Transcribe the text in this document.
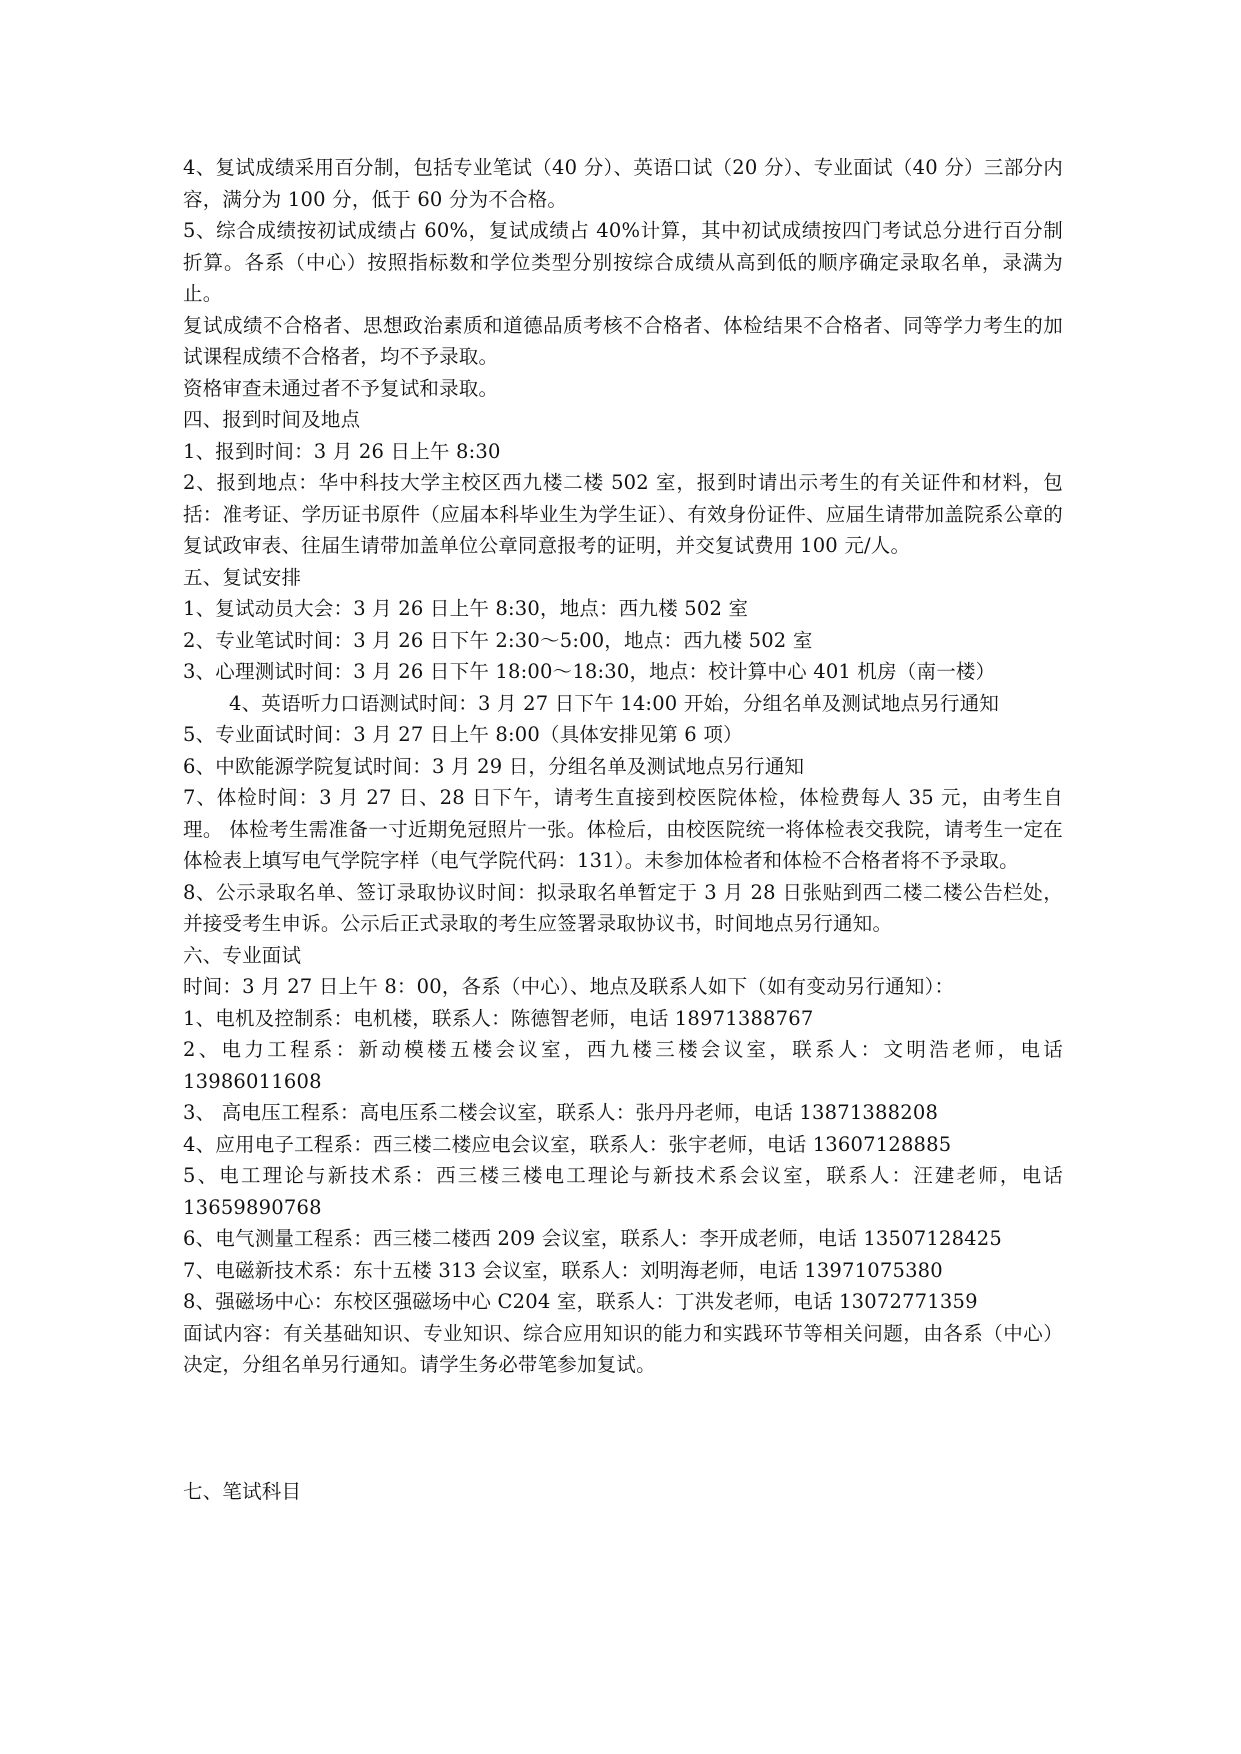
4、复试成绩采用百分制，包括专业笔试（40 分）、英语口试（20 分）、专业面试（40 分）三部分内容，满分为 100 分，低于 60 分为不合格。

5、综合成绩按初试成绩占 60%，复试成绩占 40%计算，其中初试成绩按四门考试总分进行百分制折算。各系（中心）按照指标数和学位类型分别按综合成绩从高到低的顺序确定录取名单，录满为止。

复试成绩不合格者、思想政治素质和道德品质考核不合格者、体检结果不合格者、同等学力考生的加试课程成绩不合格者，均不予录取。

资格审查未通过者不予复试和录取。

四、报到时间及地点

1、报到时间：3 月 26 日上午 8:30

2、报到地点：华中科技大学主校区西九楼二楼 502 室，报到时请出示考生的有关证件和材料，包括：准考证、学历证书原件（应届本科毕业生为学生证）、有效身份证件、应届生请带加盖院系公章的复试政审表、往届生请带加盖单位公章同意报考的证明，并交复试费用 100 元/人。

五、复试安排

1、复试动员大会：3 月 26 日上午 8:30，地点：西九楼 502 室

2、专业笔试时间：3 月 26 日下午 2:30～5:00，地点：西九楼 502 室

3、心理测试时间：3 月 26 日下午 18:00～18:30，地点：校计算中心 401 机房（南一楼）

4、英语听力口语测试时间：3 月 27 日下午 14:00 开始，分组名单及测试地点另行通知

5、专业面试时间：3 月 27 日上午 8:00（具体安排见第 6 项）

6、中欧能源学院复试时间：3 月 29 日，分组名单及测试地点另行通知

7、体检时间：3 月 27 日、28 日下午，请考生直接到校医院体检，体检费每人 35 元，由考生自理。 体检考生需准备一寸近期免冠照片一张。体检后，由校医院统一将体检表交我院，请考生一定在体检表上填写电气学院字样（电气学院代码：131）。未参加体检者和体检不合格者将不予录取。

8、公示录取名单、签订录取协议时间：拟录取名单暂定于 3 月 28 日张贴到西二楼二楼公告栏处，并接受考生申诉。公示后正式录取的考生应签署录取协议书，时间地点另行通知。

六、专业面试

时间：3 月 27 日上午 8：00，各系（中心）、地点及联系人如下（如有变动另行通知）：

1、电机及控制系：电机楼，联系人：陈德智老师，电话 18971388767

2、电力工程系：新动模楼五楼会议室，西九楼三楼会议室，联系人：文明浩老师，电话 13986011608

3、 高电压工程系：高电压系二楼会议室，联系人：张丹丹老师，电话 13871388208

4、应用电子工程系：西三楼二楼应电会议室，联系人：张宇老师，电话 13607128885

5、电工理论与新技术系：西三楼三楼电工理论与新技术系会议室，联系人：汪建老师，电话 13659890768

6、电气测量工程系：西三楼二楼西 209 会议室，联系人：李开成老师，电话 13507128425

7、电磁新技术系：东十五楼 313 会议室，联系人：刘明海老师，电话 13971075380

8、强磁场中心：东校区强磁场中心 C204 室，联系人：丁洪发老师，电话 13072771359

面试内容：有关基础知识、专业知识、综合应用知识的能力和实践环节等相关问题，由各系（中心）决定，分组名单另行通知。请学生务必带笔参加复试。

七、笔试科目
